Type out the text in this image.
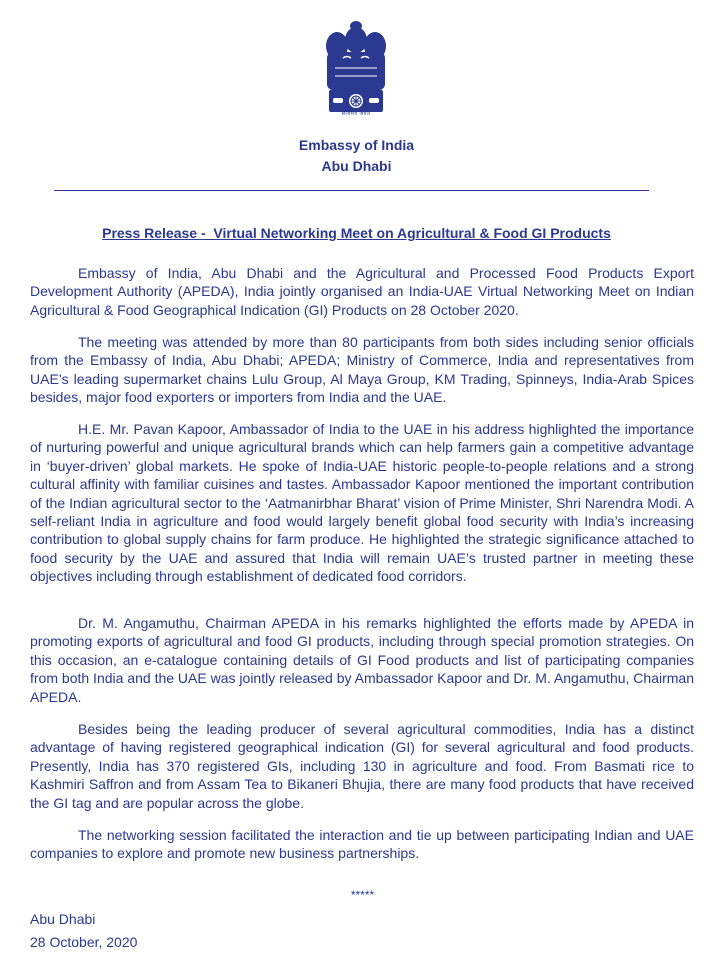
सत्यमेव जयते
Embassy of India
Abu Dhabi
Press Release -  Virtual Networking Meet on Agricultural & Food GI Products

Embassy of India, Abu Dhabi and the Agricultural and Processed Food Products Export Development Authority (APEDA), India jointly organised an India-UAE Virtual Networking Meet on Indian Agricultural & Food Geographical Indication (GI) Products on 28 October 2020.

The meeting was attended by more than 80 participants from both sides including senior officials from the Embassy of India, Abu Dhabi; APEDA; Ministry of Commerce, India and representatives from UAE’s leading supermarket chains Lulu Group, Al Maya Group, KM Trading, Spinneys, India-Arab Spices besides, major food exporters or importers from India and the UAE.

H.E. Mr. Pavan Kapoor, Ambassador of India to the UAE in his address highlighted the importance of nurturing powerful and unique agricultural brands which can help farmers gain a competitive advantage in ‘buyer-driven’ global markets. He spoke of India-UAE historic people-to-people relations and a strong cultural affinity with familiar cuisines and tastes. Ambassador Kapoor mentioned the important contribution of the Indian agricultural sector to the ‘Aatmanirbhar Bharat’ vision of Prime Minister, Shri Narendra Modi. A self-reliant India in agriculture and food would largely benefit global food security with India’s increasing contribution to global supply chains for farm produce. He highlighted the strategic significance attached to food security by the UAE and assured that India will remain UAE’s trusted partner in meeting these objectives including through establishment of dedicated food corridors.

Dr. M. Angamuthu, Chairman APEDA in his remarks highlighted the efforts made by APEDA in promoting exports of agricultural and food GI products, including through special promotion strategies. On this occasion, an e-catalogue containing details of GI Food products and list of participating companies from both India and the UAE was jointly released by Ambassador Kapoor and Dr. M. Angamuthu, Chairman APEDA.

Besides being the leading producer of several agricultural commodities, India has a distinct advantage of having registered geographical indication (GI) for several agricultural and food products. Presently, India has 370 registered GIs, including 130 in agriculture and food. From Basmati rice to Kashmiri Saffron and from Assam Tea to Bikaneri Bhujia, there are many food products that have received the GI tag and are popular across the globe.

The networking session facilitated the interaction and tie up between participating Indian and UAE companies to explore and promote new business partnerships.

*****
Abu Dhabi
28 October, 2020
